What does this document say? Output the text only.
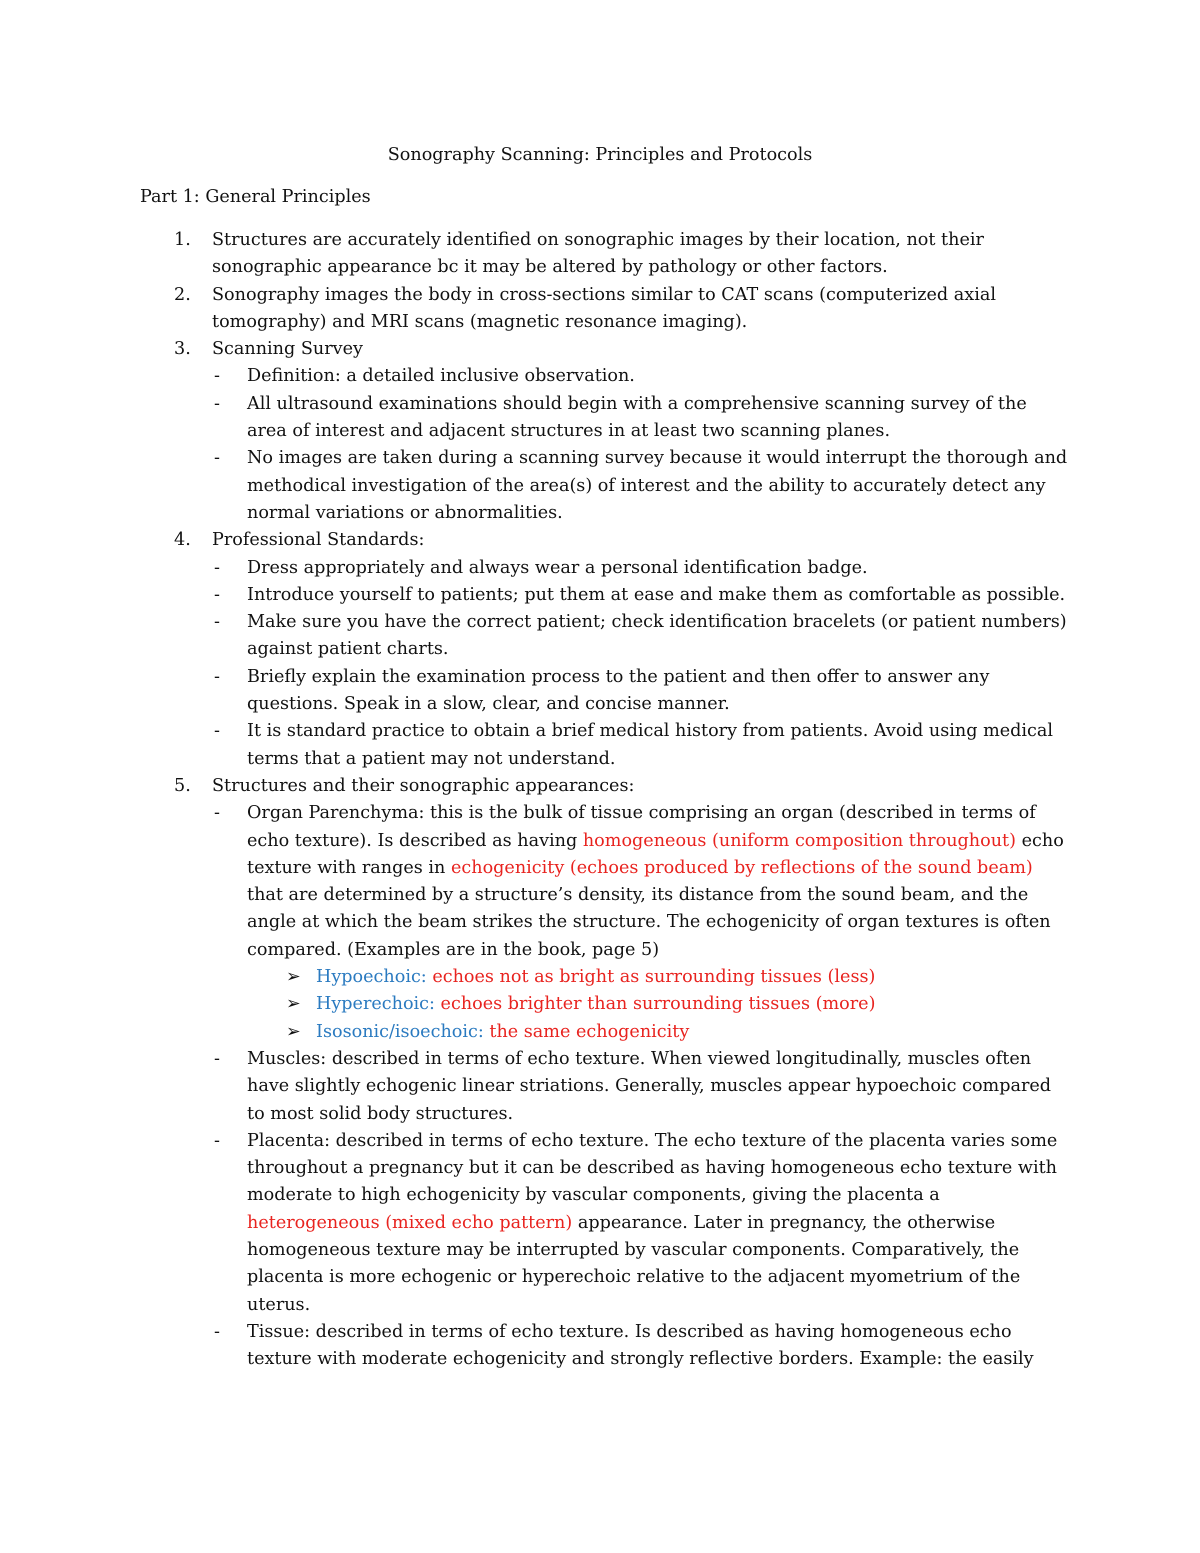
Sonography Scanning: Principles and Protocols
Part 1: General Principles
1. Structures are accurately identified on sonographic images by their location, not their sonographic appearance bc it may be altered by pathology or other factors.
2. Sonography images the body in cross-sections similar to CAT scans (computerized axial tomography) and MRI scans (magnetic resonance imaging).
3. Scanning Survey
- Definition: a detailed inclusive observation.
- All ultrasound examinations should begin with a comprehensive scanning survey of the area of interest and adjacent structures in at least two scanning planes.
- No images are taken during a scanning survey because it would interrupt the thorough and methodical investigation of the area(s) of interest and the ability to accurately detect any normal variations or abnormalities.
4. Professional Standards:
- Dress appropriately and always wear a personal identification badge.
- Introduce yourself to patients; put them at ease and make them as comfortable as possible.
- Make sure you have the correct patient; check identification bracelets (or patient numbers) against patient charts.
- Briefly explain the examination process to the patient and then offer to answer any questions. Speak in a slow, clear, and concise manner.
- It is standard practice to obtain a brief medical history from patients. Avoid using medical terms that a patient may not understand.
5. Structures and their sonographic appearances:
- Organ Parenchyma: this is the bulk of tissue comprising an organ (described in terms of echo texture). Is described as having homogeneous (uniform composition throughout) echo texture with ranges in echogenicity (echoes produced by reflections of the sound beam) that are determined by a structure’s density, its distance from the sound beam, and the angle at which the beam strikes the structure. The echogenicity of organ textures is often compared. (Examples are in the book, page 5)
➢ Hypoechoic: echoes not as bright as surrounding tissues (less)
➢ Hyperechoic: echoes brighter than surrounding tissues (more)
➢ Isosonic/isoechoic: the same echogenicity
- Muscles: described in terms of echo texture. When viewed longitudinally, muscles often have slightly echogenic linear striations. Generally, muscles appear hypoechoic compared to most solid body structures.
- Placenta: described in terms of echo texture. The echo texture of the placenta varies some throughout a pregnancy but it can be described as having homogeneous echo texture with moderate to high echogenicity by vascular components, giving the placenta a heterogeneous (mixed echo pattern) appearance. Later in pregnancy, the otherwise homogeneous texture may be interrupted by vascular components. Comparatively, the placenta is more echogenic or hyperechoic relative to the adjacent myometrium of the uterus.
- Tissue: described in terms of echo texture. Is described as having homogeneous echo texture with moderate echogenicity and strongly reflective borders. Example: the easily
